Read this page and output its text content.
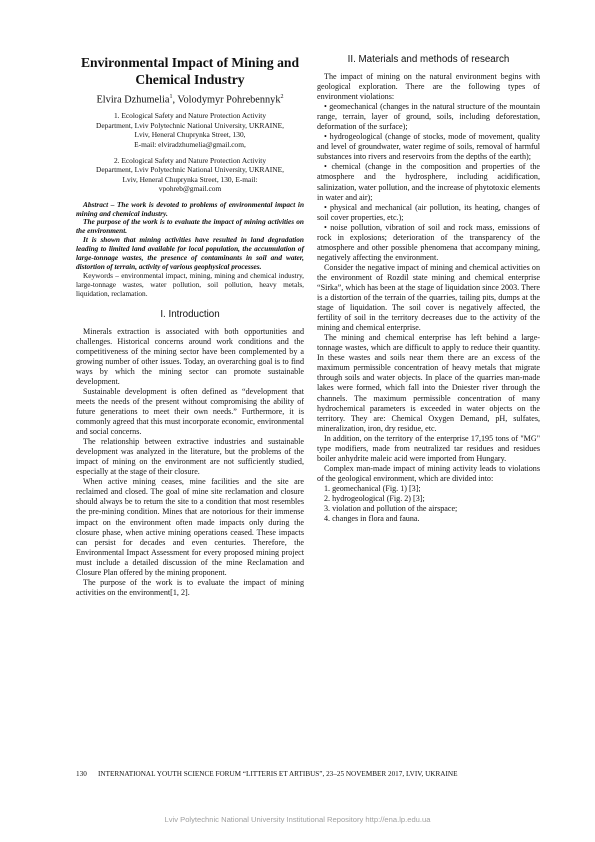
Environmental Impact of Mining and Chemical Industry
Elvira Dzhumelia$^1$, Volodymyr Pohrebennyk$^2$
1. Ecological Safety and Nature Protection Activity
Department, Lviv Polytechnic National University, UKRAINE,
Lviv, Heneral Chuprynka Street, 130,
E-mail: elviradzhumelia@gmail.com,
2. Ecological Safety and Nature Protection Activity
Department, Lviv Polytechnic National University, UKRAINE,
Lviv, Heneral Chuprynka Street, 130, E-mail:
vpohreb@gmail.com

Abstract – The work is devoted to problems of environmental impact in mining and chemical industry.

The purpose of the work is to evaluate the impact of mining activities on the environment.

It is shown that mining activities have resulted in land degradation leading to limited land available for local population, the accumulation of large-tonnage wastes, the presence of contaminants in soil and water, distortion of terrain, activity of various geophysical processes.

Keywords – environmental impact, mining, mining and chemical industry, large-tonnage wastes, water pollution, soil pollution, heavy metals, liquidation, reclamation.

I. Introduction

Minerals extraction is associated with both opportunities and challenges. Historical concerns around work conditions and the competitiveness of the mining sector have been complemented by a growing number of other issues. Today, an overarching goal is to find ways by which the mining sector can promote sustainable development.

Sustainable development is often defined as “development that meets the needs of the present without compromising the ability of future generations to meet their own needs.” Furthermore, it is commonly agreed that this must incorporate economic, environmental and social concerns.

The relationship between extractive industries and sustainable development was analyzed in the literature, but the problems of the impact of mining on the environment are not sufficiently studied, especially at the stage of their closure.

When active mining ceases, mine facilities and the site are reclaimed and closed. The goal of mine site reclamation and closure should always be to return the site to a condition that most resembles the pre-mining condition. Mines that are notorious for their immense impact on the environment often made impacts only during the closure phase, when active mining operations ceased. These impacts can persist for decades and even centuries. Therefore, the Environmental Impact Assessment for every proposed mining project must include a detailed discussion of the mine Reclamation and Closure Plan offered by the mining proponent.

The purpose of the work is to evaluate the impact of mining activities on the environment[1, 2].

II. Materials and methods of research

The impact of mining on the natural environment begins with geological exploration. There are the following types of environment violations:

• geomechanical (changes in the natural structure of the mountain range, terrain, layer of ground, soils, including deforestation, deformation of the surface);

• hydrogeological (change of stocks, mode of movement, quality and level of groundwater, water regime of soils, removal of harmful substances into rivers and reservoirs from the depths of the earth);

• chemical (change in the composition and properties of the atmosphere and the hydrosphere, including acidification, salinization, water pollution, and the increase of phytotoxic elements in water and air);

• physical and mechanical (air pollution, its heating, changes of soil cover properties, etc.);

• noise pollution, vibration of soil and rock mass, emissions of rock in explosions; deterioration of the transparency of the atmosphere and other possible phenomena that accompany mining, negatively affecting the environment.

Consider the negative impact of mining and chemical activities on the environment of Rozdil state mining and chemical enterprise “Sirka”, which has been at the stage of liquidation since 2003. There is a distortion of the terrain of the quarries, tailing pits, dumps at the stage of liquidation. The soil cover is negatively affected, the fertility of soil in the territory decreases due to the activity of the mining and chemical enterprise.

The mining and chemical enterprise has left behind a large-tonnage wastes, which are difficult to apply to reduce their quantity. In these wastes and soils near them there are an excess of the maximum permissible concentration of heavy metals that migrate through soils and water objects. In place of the quarries man-made lakes were formed, which fall into the Dniester river through the channels. The maximum permissible concentration of many hydrochemical parameters is exceeded in water objects on the territory. They are: Chemical Oxygen Demand, pH, sulfates, mineralization, iron, dry residue, etc.

In addition, on the territory of the enterprise 17,195 tons of "MG" type modifiers, made from neutralized tar residues and residues boiler anhydrite maleic acid were imported from Hungary.

Complex man-made impact of mining activity leads to violations of the geological environment, which are divided into:

1. geomechanical (Fig. 1) [3];

2. hydrogeological (Fig. 2) [3];

3. violation and pollution of the airspace;

4. changes in flora and fauna.

130 INTERNATIONAL YOUTH SCIENCE FORUM “LITTERIS ET ARTIBUS”, 23–25 NOVEMBER 2017, LVIV, UKRAINE
Lviv Polytechnic National University Institutional Repository http://ena.lp.edu.ua
